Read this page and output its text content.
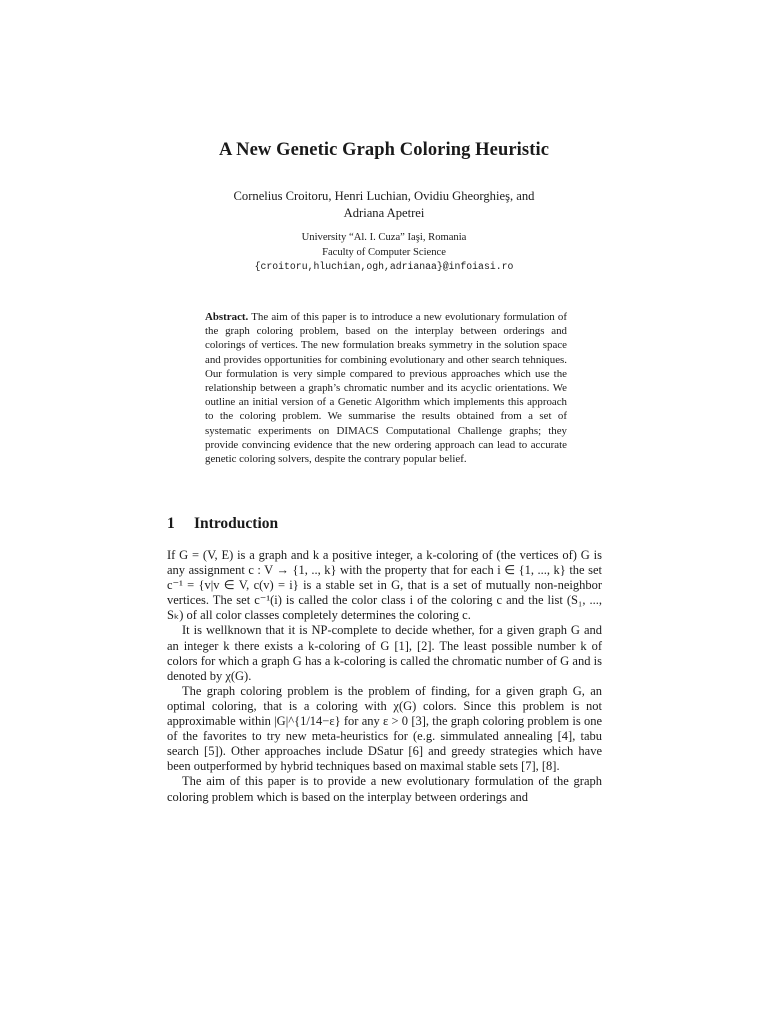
A New Genetic Graph Coloring Heuristic
Cornelius Croitoru, Henri Luchian, Ovidiu Gheorghieş, and
Adriana Apetrei
University “Al. I. Cuza” Iaşi, Romania
Faculty of Computer Science
{croitoru,hluchian,ogh,adrianaa}@infoiasi.ro
Abstract. The aim of this paper is to introduce a new evolutionary formulation of the graph coloring problem, based on the interplay between orderings and colorings of vertices. The new formulation breaks symmetry in the solution space and provides opportunities for combining evolutionary and other search tehniques. Our formulation is very simple compared to previous approaches which use the relationship between a graph’s chromatic number and its acyclic orientations. We outline an initial version of a Genetic Algorithm which implements this approach to the coloring problem. We summarise the results obtained from a set of systematic experiments on DIMACS Computational Challenge graphs; they provide convincing evidence that the new ordering approach can lead to accurate genetic coloring solvers, despite the contrary popular belief.
1 Introduction

If G = (V, E) is a graph and k a positive integer, a k-coloring of (the vertices of) G is any assignment c : V → {1, .., k} with the property that for each i ∈ {1, ..., k} the set c⁻¹ = {v|v ∈ V, c(v) = i} is a stable set in G, that is a set of mutually non-neighbor vertices. The set c⁻¹(i) is called the color class i of the coloring c and the list (S₁, ..., Sₖ) of all color classes completely determines the coloring c.

It is wellknown that it is NP-complete to decide whether, for a given graph G and an integer k there exists a k-coloring of G [1], [2]. The least possible number k of colors for which a graph G has a k-coloring is called the chromatic number of G and is denoted by χ(G).

The graph coloring problem is the problem of finding, for a given graph G, an optimal coloring, that is a coloring with χ(G) colors. Since this problem is not approximable within |G|^{1/14−ε} for any ε > 0 [3], the graph coloring problem is one of the favorites to try new meta-heuristics for (e.g. simmulated annealing [4], tabu search [5]). Other approaches include DSatur [6] and greedy strategies which have been outperformed by hybrid techniques based on maximal stable sets [7], [8].

The aim of this paper is to provide a new evolutionary formulation of the graph coloring problem which is based on the interplay between orderings and
